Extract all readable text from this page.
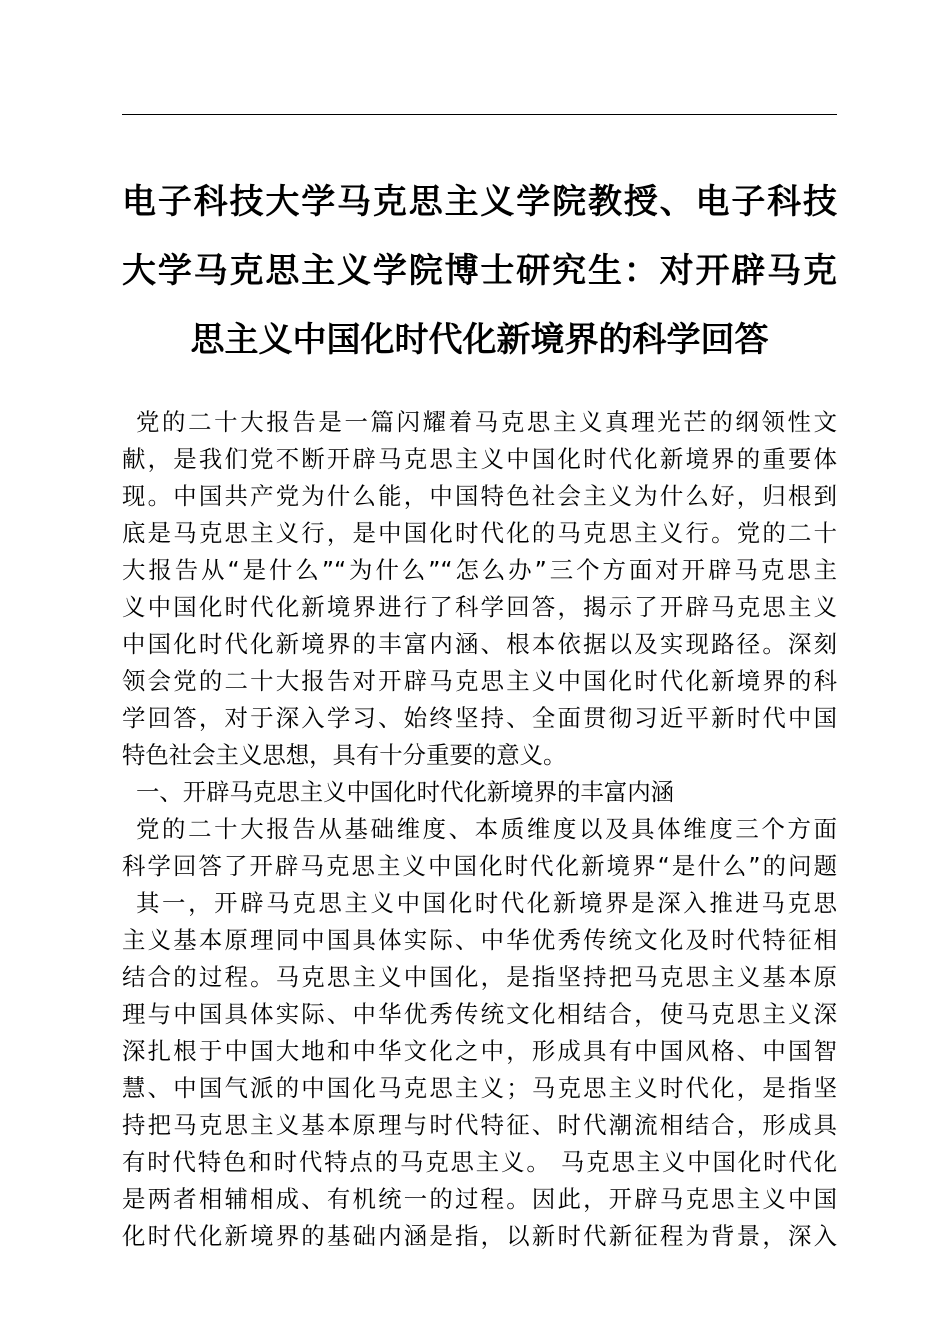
电子科技大学马克思主义学院教授、电子科技
大学马克思主义学院博士研究生：对开辟马克
思主义中国化时代化新境界的科学回答
党的二十大报告是一篇闪耀着马克思主义真理光芒的纲领性文
献，是我们党不断开辟马克思主义中国化时代化新境界的重要体
现。中国共产党为什么能，中国特色社会主义为什么好，归根到
底是马克思主义行，是中国化时代化的马克思主义行。党的二十
大报告从“是什么”“为什么”“怎么办”三个方面对开辟马克思主
义中国化时代化新境界进行了科学回答，揭示了开辟马克思主义
中国化时代化新境界的丰富内涵、根本依据以及实现路径。深刻
领会党的二十大报告对开辟马克思主义中国化时代化新境界的科
学回答，对于深入学习、始终坚持、全面贯彻习近平新时代中国
特色社会主义思想，具有十分重要的意义。
一、开辟马克思主义中国化时代化新境界的丰富内涵
党的二十大报告从基础维度、本质维度以及具体维度三个方面
科学回答了开辟马克思主义中国化时代化新境界“是什么”的问题
其一，开辟马克思主义中国化时代化新境界是深入推进马克思
主义基本原理同中国具体实际、中华优秀传统文化及时代特征相
结合的过程。马克思主义中国化，是指坚持把马克思主义基本原
理与中国具体实际、中华优秀传统文化相结合，使马克思主义深
深扎根于中国大地和中华文化之中，形成具有中国风格、中国智
慧、中国气派的中国化马克思主义；马克思主义时代化，是指坚
持把马克思主义基本原理与时代特征、时代潮流相结合，形成具
有时代特色和时代特点的马克思主义。 马克思主义中国化时代化
是两者相辅相成、有机统一的过程。因此，开辟马克思主义中国
化时代化新境界的基础内涵是指，以新时代新征程为背景，深入
